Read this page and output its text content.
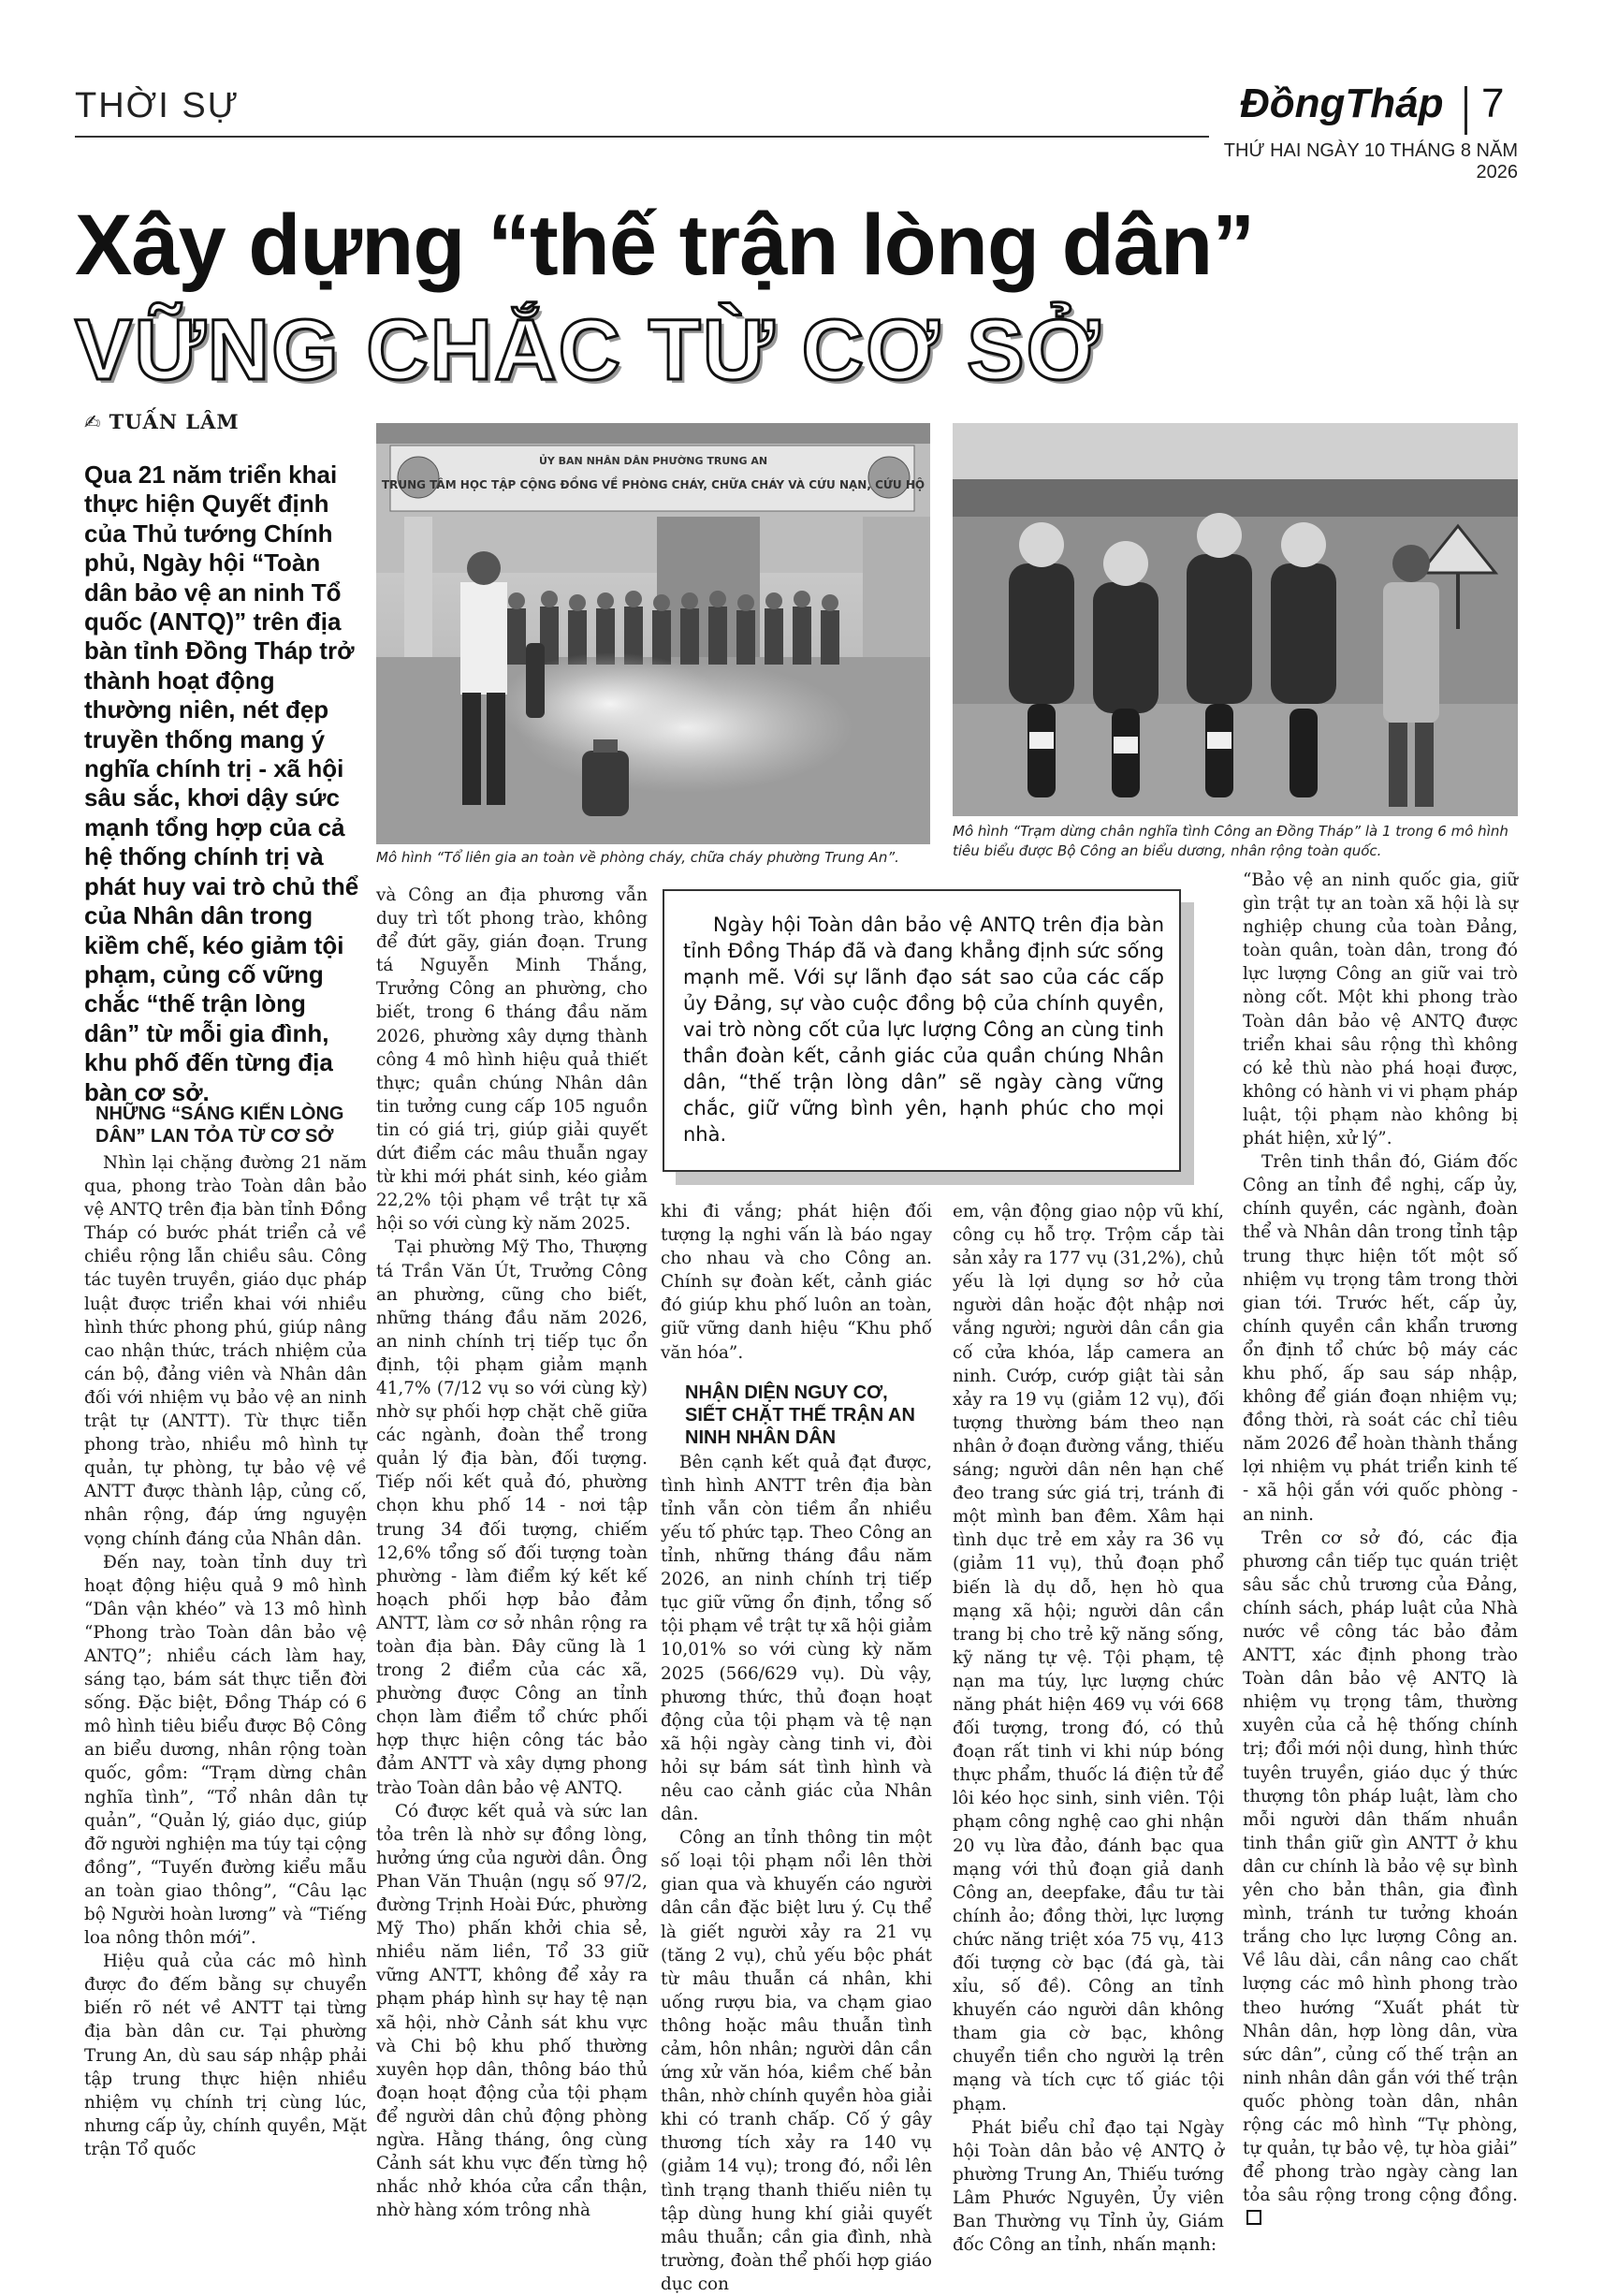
THỜI SỰ	ĐồngTháp 7
THỨ HAI NGÀY 10 THÁNG 8 NĂM 2026
Xây dựng “thế trận lòng dân”
VỮNG CHẮC TỪ CƠ SỞ
✍ TUẤN LÂM
Qua 21 năm triển khai thực hiện Quyết định của Thủ tướng Chính phủ, Ngày hội “Toàn dân bảo vệ an ninh Tổ quốc (ANTQ)” trên địa bàn tỉnh Đồng Tháp trở thành hoạt động thường niên, nét đẹp truyền thống mang ý nghĩa chính trị - xã hội sâu sắc, khơi dậy sức mạnh tổng hợp của cả hệ thống chính trị và phát huy vai trò chủ thể của Nhân dân trong kiềm chế, kéo giảm tội phạm, củng cố vững chắc “thế trận lòng dân” từ mỗi gia đình, khu phố đến từng địa bàn cơ sở.
ỦY BAN NHÂN DÂN PHƯỜNG TRUNG AN
TRUNG TÂM HỌC TẬP CỘNG ĐỒNG VỀ PHÒNG CHÁY, CHỮA CHÁY VÀ CỨU NẠN, CỨU HỘ
Mô hình “Tổ liên gia an toàn về phòng cháy, chữa cháy phường Trung An”.
Mô hình “Trạm dừng chân nghĩa tình Công an Đồng Tháp” là 1 trong 6 mô hình tiêu biểu được Bộ Công an biểu dương, nhân rộng toàn quốc.
NHỮNG “SÁNG KIẾN LÒNG DÂN” LAN TỎA TỪ CƠ SỞ

Nhìn lại chặng đường 21 năm qua, phong trào Toàn dân bảo vệ ANTQ trên địa bàn tỉnh Đồng Tháp có bước phát triển cả về chiều rộng lẫn chiều sâu. Công tác tuyên truyền, giáo dục pháp luật được triển khai với nhiều hình thức phong phú, giúp nâng cao nhận thức, trách nhiệm của cán bộ, đảng viên và Nhân dân đối với nhiệm vụ bảo vệ an ninh trật tự (ANTT). Từ thực tiễn phong trào, nhiều mô hình tự quản, tự phòng, tự bảo vệ về ANTT được thành lập, củng cố, nhân rộng, đáp ứng nguyện vọng chính đáng của Nhân dân.

Đến nay, toàn tỉnh duy trì hoạt động hiệu quả 9 mô hình “Dân vận khéo” và 13 mô hình “Phong trào Toàn dân bảo vệ ANTQ”; nhiều cách làm hay, sáng tạo, bám sát thực tiễn đời sống. Đặc biệt, Đồng Tháp có 6 mô hình tiêu biểu được Bộ Công an biểu dương, nhân rộng toàn quốc, gồm: “Trạm dừng chân nghĩa tình”, “Tổ nhân dân tự quản”, “Quản lý, giáo dục, giúp đỡ người nghiện ma túy tại cộng đồng”, “Tuyến đường kiểu mẫu an toàn giao thông”, “Câu lạc bộ Người hoàn lương” và “Tiếng loa nông thôn mới”.

Hiệu quả của các mô hình được đo đếm bằng sự chuyển biến rõ nét về ANTT tại từng địa bàn dân cư. Tại phường Trung An, dù sau sáp nhập phải tập trung thực hiện nhiều nhiệm vụ chính trị cùng lúc, nhưng cấp ủy, chính quyền, Mặt trận Tổ quốc

và Công an địa phương vẫn duy trì tốt phong trào, không để đứt gãy, gián đoạn. Trung tá Nguyễn Minh Thắng, Trưởng Công an phường, cho biết, trong 6 tháng đầu năm 2026, phường xây dựng thành công 4 mô hình hiệu quả thiết thực; quần chúng Nhân dân tin tưởng cung cấp 105 nguồn tin có giá trị, giúp giải quyết dứt điểm các mâu thuẫn ngay từ khi mới phát sinh, kéo giảm 22,2% tội phạm về trật tự xã hội so với cùng kỳ năm 2025.

Tại phường Mỹ Tho, Thượng tá Trần Văn Út, Trưởng Công an phường, cũng cho biết, những tháng đầu năm 2026, an ninh chính trị tiếp tục ổn định, tội phạm giảm mạnh 41,7% (7/12 vụ so với cùng kỳ) nhờ sự phối hợp chặt chẽ giữa các ngành, đoàn thể trong quản lý địa bàn, đối tượng. Tiếp nối kết quả đó, phường chọn khu phố 14 - nơi tập trung 34 đối tượng, chiếm 12,6% tổng số đối tượng toàn phường - làm điểm ký kết kế hoạch phối hợp bảo đảm ANTT, làm cơ sở nhân rộng ra toàn địa bàn. Đây cũng là 1 trong 2 điểm của các xã, phường được Công an tỉnh chọn làm điểm tổ chức phối hợp thực hiện công tác bảo đảm ANTT và xây dựng phong trào Toàn dân bảo vệ ANTQ.

Có được kết quả và sức lan tỏa trên là nhờ sự đồng lòng, hưởng ứng của người dân. Ông Phan Văn Thuận (ngụ số 97/2, đường Trịnh Hoài Đức, phường Mỹ Tho) phấn khởi chia sẻ, nhiều năm liền, Tổ 33 giữ vững ANTT, không để xảy ra phạm pháp hình sự hay tệ nạn xã hội, nhờ Cảnh sát khu vực và Chi bộ khu phố thường xuyên họp dân, thông báo thủ đoạn hoạt động của tội phạm để người dân chủ động phòng ngừa. Hằng tháng, ông cùng Cảnh sát khu vực đến từng hộ nhắc nhở khóa cửa cẩn thận, nhờ hàng xóm trông nhà

Ngày hội Toàn dân bảo vệ ANTQ trên địa bàn tỉnh Đồng Tháp đã và đang khẳng định sức sống mạnh mẽ. Với sự lãnh đạo sát sao của các cấp ủy Đảng, sự vào cuộc đồng bộ của chính quyền, vai trò nòng cốt của lực lượng Công an cùng tinh thần đoàn kết, cảnh giác của quần chúng Nhân dân, “thế trận lòng dân” sẽ ngày càng vững chắc, giữ vững bình yên, hạnh phúc cho mọi nhà.

khi đi vắng; phát hiện đối tượng lạ nghi vấn là báo ngay cho nhau và cho Công an. Chính sự đoàn kết, cảnh giác đó giúp khu phố luôn an toàn, giữ vững danh hiệu “Khu phố văn hóa”.

NHẬN DIỆN NGUY CƠ, SIẾT CHẶT THẾ TRẬN AN NINH NHÂN DÂN

Bên cạnh kết quả đạt được, tình hình ANTT trên địa bàn tỉnh vẫn còn tiềm ẩn nhiều yếu tố phức tạp. Theo Công an tỉnh, những tháng đầu năm 2026, an ninh chính trị tiếp tục giữ vững ổn định, tổng số tội phạm về trật tự xã hội giảm 10,01% so với cùng kỳ năm 2025 (566/629 vụ). Dù vậy, phương thức, thủ đoạn hoạt động của tội phạm và tệ nạn xã hội ngày càng tinh vi, đòi hỏi sự bám sát tình hình và nêu cao cảnh giác của Nhân dân.

Công an tỉnh thông tin một số loại tội phạm nổi lên thời gian qua và khuyến cáo người dân cần đặc biệt lưu ý. Cụ thể là giết người xảy ra 21 vụ (tăng 2 vụ), chủ yếu bộc phát từ mâu thuẫn cá nhân, khi uống rượu bia, va chạm giao thông hoặc mâu thuẫn tình cảm, hôn nhân; người dân cần ứng xử văn hóa, kiềm chế bản thân, nhờ chính quyền hòa giải khi có tranh chấp. Cố ý gây thương tích xảy ra 140 vụ (giảm 14 vụ); trong đó, nổi lên tình trạng thanh thiếu niên tụ tập dùng hung khí giải quyết mâu thuẫn; cần gia đình, nhà trường, đoàn thể phối hợp giáo dục con

em, vận động giao nộp vũ khí, công cụ hỗ trợ. Trộm cắp tài sản xảy ra 177 vụ (31,2%), chủ yếu là lợi dụng sơ hở của người dân hoặc đột nhập nơi vắng người; người dân cần gia cố cửa khóa, lắp camera an ninh. Cướp, cướp giật tài sản xảy ra 19 vụ (giảm 12 vụ), đối tượng thường bám theo nạn nhân ở đoạn đường vắng, thiếu sáng; người dân nên hạn chế đeo trang sức giá trị, tránh đi một mình ban đêm. Xâm hại tình dục trẻ em xảy ra 36 vụ (giảm 11 vụ), thủ đoạn phổ biến là dụ dỗ, hẹn hò qua mạng xã hội; người dân cần trang bị cho trẻ kỹ năng sống, kỹ năng tự vệ. Tội phạm, tệ nạn ma túy, lực lượng chức năng phát hiện 469 vụ với 668 đối tượng, trong đó, có thủ đoạn rất tinh vi khi núp bóng thực phẩm, thuốc lá điện tử để lôi kéo học sinh, sinh viên. Tội phạm công nghệ cao ghi nhận 20 vụ lừa đảo, đánh bạc qua mạng với thủ đoạn giả danh Công an, deepfake, đầu tư tài chính ảo; đồng thời, lực lượng chức năng triệt xóa 75 vụ, 413 đối tượng cờ bạc (đá gà, tài xỉu, số đề). Công an tỉnh khuyến cáo người dân không tham gia cờ bạc, không chuyển tiền cho người lạ trên mạng và tích cực tố giác tội phạm.

Phát biểu chỉ đạo tại Ngày hội Toàn dân bảo vệ ANTQ ở phường Trung An, Thiếu tướng Lâm Phước Nguyên, Ủy viên Ban Thường vụ Tỉnh ủy, Giám đốc Công an tỉnh, nhấn mạnh:

“Bảo vệ an ninh quốc gia, giữ gìn trật tự an toàn xã hội là sự nghiệp chung của toàn Đảng, toàn quân, toàn dân, trong đó lực lượng Công an giữ vai trò nòng cốt. Một khi phong trào Toàn dân bảo vệ ANTQ được triển khai sâu rộng thì không có kẻ thù nào phá hoại được, không có hành vi vi phạm pháp luật, tội phạm nào không bị phát hiện, xử lý”.

Trên tinh thần đó, Giám đốc Công an tỉnh đề nghị, cấp ủy, chính quyền, các ngành, đoàn thể và Nhân dân trong tỉnh tập trung thực hiện tốt một số nhiệm vụ trọng tâm trong thời gian tới. Trước hết, cấp ủy, chính quyền cần khẩn trương ổn định tổ chức bộ máy các khu phố, ấp sau sáp nhập, không để gián đoạn nhiệm vụ; đồng thời, rà soát các chỉ tiêu năm 2026 để hoàn thành thắng lợi nhiệm vụ phát triển kinh tế - xã hội gắn với quốc phòng - an ninh.

Trên cơ sở đó, các địa phương cần tiếp tục quán triệt sâu sắc chủ trương của Đảng, chính sách, pháp luật của Nhà nước về công tác bảo đảm ANTT, xác định phong trào Toàn dân bảo vệ ANTQ là nhiệm vụ trọng tâm, thường xuyên của cả hệ thống chính trị; đổi mới nội dung, hình thức tuyên truyền, giáo dục ý thức thượng tôn pháp luật, làm cho mỗi người dân thấm nhuần tinh thần giữ gìn ANTT ở khu dân cư chính là bảo vệ sự bình yên cho bản thân, gia đình mình, tránh tư tưởng khoán trắng cho lực lượng Công an. Về lâu dài, cần nâng cao chất lượng các mô hình phong trào theo hướng “Xuất phát từ Nhân dân, hợp lòng dân, vừa sức dân”, củng cố thế trận an ninh nhân dân gắn với thế trận quốc phòng toàn dân, nhân rộng các mô hình “Tự phòng, tự quản, tự bảo vệ, tự hòa giải” để phong trào ngày càng lan tỏa sâu rộng trong cộng đồng.
